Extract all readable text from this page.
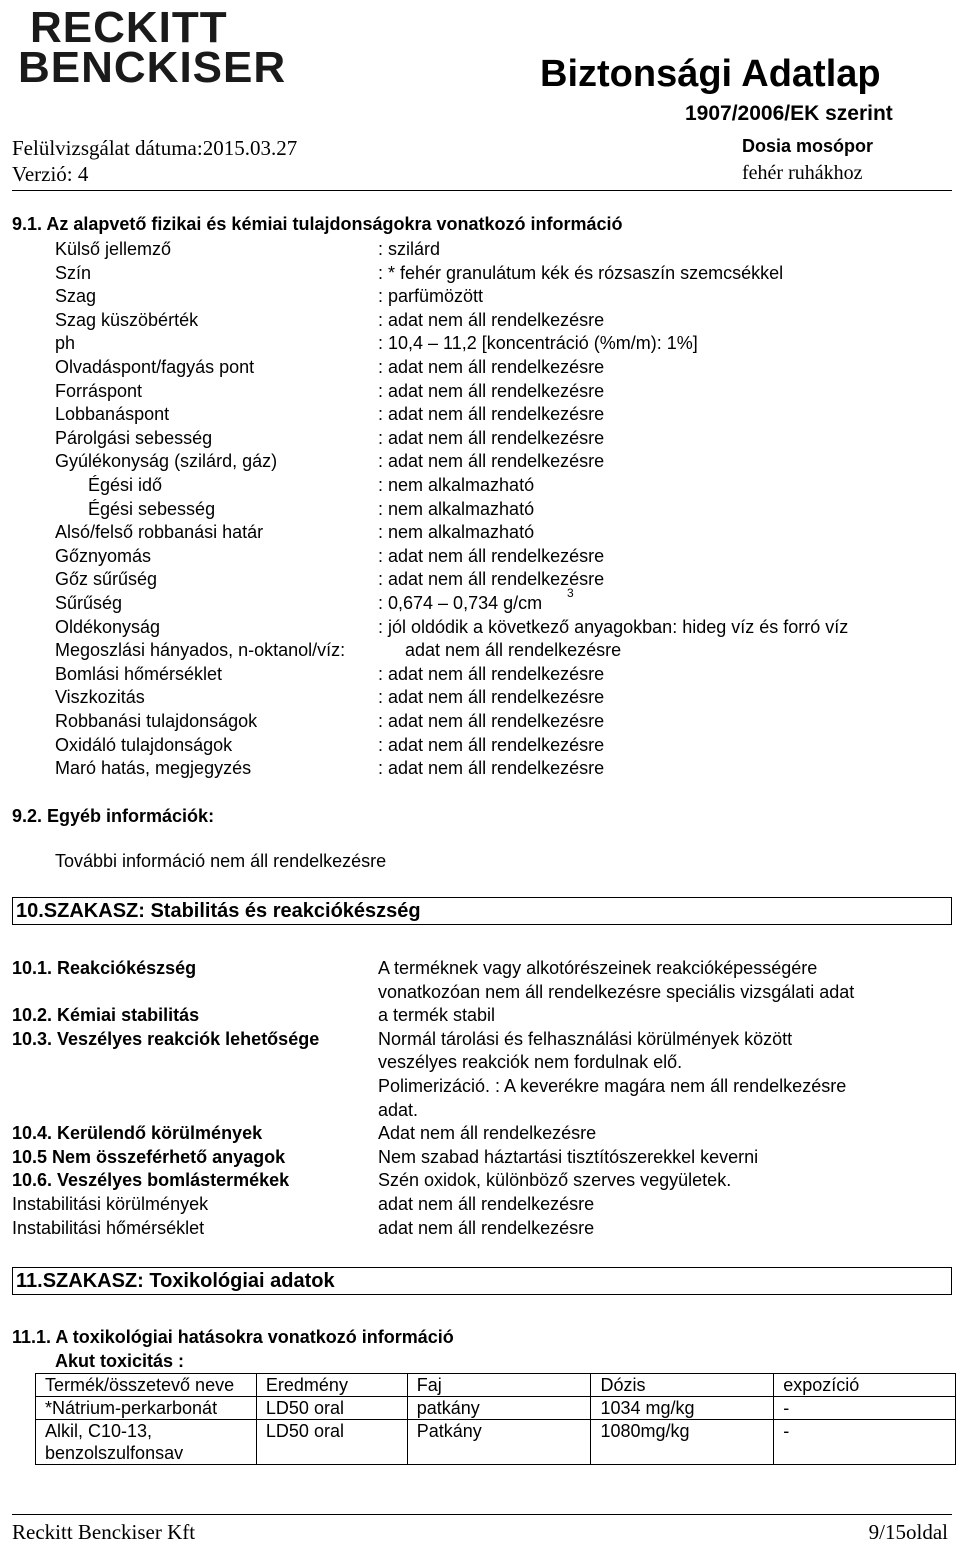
RECKITT
BENCKISER	Biztonsági Adatlap
1907/2006/EK szerint
Felülvizsgálat dátuma:2015.03.27
Verzió: 4
Dosia mosópor
fehér ruhákhoz
9.1. Az alapvető fizikai és kémiai tulajdonságokra vonatkozó információ
Külső jellemző	: szilárd
Szín	: * fehér granulátum kék és rózsaszín szemcsékkel
Szag	: parfümözött
Szag küszöbérték	: adat nem áll rendelkezésre
ph	: 10,4 – 11,2 [koncentráció (%m/m): 1%]
Olvadáspont/fagyás pont	: adat nem áll rendelkezésre
Forráspont	: adat nem áll rendelkezésre
Lobbanáspont	: adat nem áll rendelkezésre
Párolgási sebesség	: adat nem áll rendelkezésre
Gyúlékonyság (szilárd, gáz)	: adat nem áll rendelkezésre
Égési idő	: nem alkalmazható
Égési sebesség	: nem alkalmazható
Alsó/felső robbanási határ	: nem alkalmazható
Gőznyomás	: adat nem áll rendelkezésre
Gőz sűrűség	: adat nem áll rendelkezésre
Sűrűség	: 0,674 – 0,734 g/cm 3
Oldékonyság	: jól oldódik a következő anyagokban: hideg víz és forró víz
Megoszlási hányados, n-oktanol/víz:	adat nem áll rendelkezésre
Bomlási hőmérséklet	: adat nem áll rendelkezésre
Viszkozitás	: adat nem áll rendelkezésre
Robbanási tulajdonságok	: adat nem áll rendelkezésre
Oxidáló tulajdonságok	: adat nem áll rendelkezésre
Maró hatás, megjegyzés	: adat nem áll rendelkezésre
9.2. Egyéb információk:
További információ nem áll rendelkezésre
10.SZAKASZ: Stabilitás és reakciókészség
10.1. Reakciókészség	A terméknek vagy alkotórészeinek reakcióképességére
vonatkozóan nem áll rendelkezésre speciális vizsgálati adat
10.2. Kémiai stabilitás	a termék stabil
10.3. Veszélyes reakciók lehetősége	Normál tárolási és felhasználási körülmények között
veszélyes reakciók nem fordulnak elő.
Polimerizáció. : A keverékre magára nem áll rendelkezésre
adat.
10.4. Kerülendő körülmények	Adat nem áll rendelkezésre
10.5 Nem összeférhető anyagok	Nem szabad háztartási tisztítószerekkel keverni
10.6. Veszélyes bomlástermékek	Szén oxidok, különböző szerves vegyületek.
Instabilitási körülmények	adat nem áll rendelkezésre
Instabilitási hőmérséklet	adat nem áll rendelkezésre
11.SZAKASZ: Toxikológiai adatok
11.1. A toxikológiai hatásokra vonatkozó információ
Akut toxicitás :
Termék/összetevő neve	Eredmény	Faj	Dózis	expozíció
*Nátrium-perkarbonát	LD50 oral	patkány	1034 mg/kg	-
Alkil, C10-13, benzolszulfonsav	LD50 oral	Patkány	1080mg/kg	-
Reckitt Benckiser Kft	9/15oldal
